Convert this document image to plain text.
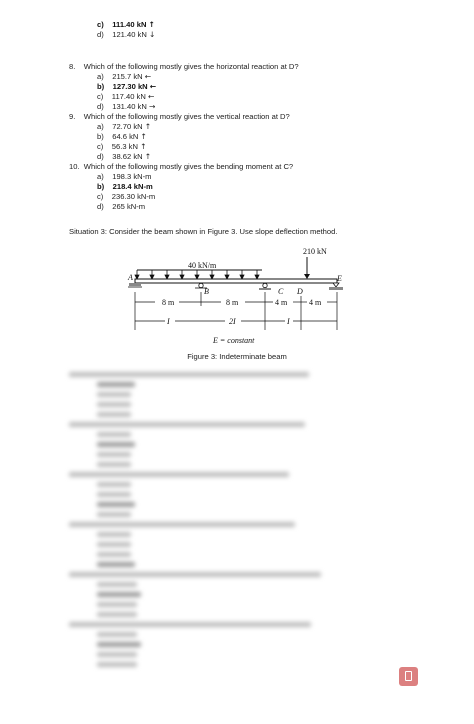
c) 111.40 kN ↑
d) 121.40 kN ↓
8. Which of the following mostly gives the horizontal reaction at D?
a) 215.7 kN ←
b) 127.30 kN ←
c) 117.40 kN ←
d) 131.40 kN →
9. Which of the following mostly gives the vertical reaction at D?
a) 72.70 kN ↑
b) 64.6 kN ↑
c) 56.3 kN ↑
d) 38.62 kN ↑
10. Which of the following mostly gives the bending moment at C?
a) 198.3 kN-m
b) 218.4 kN-m
c) 236.30 kN-m
d) 265 kN-m
Situation 3: Consider the beam shown in Figure 3. Use slope deflection method.
210 kN
40 kN/m
A
B	C D
E
8 m	8 m	4 m	4 m
I	2I	I
E = constant
Figure 3: Indeterminate beam
